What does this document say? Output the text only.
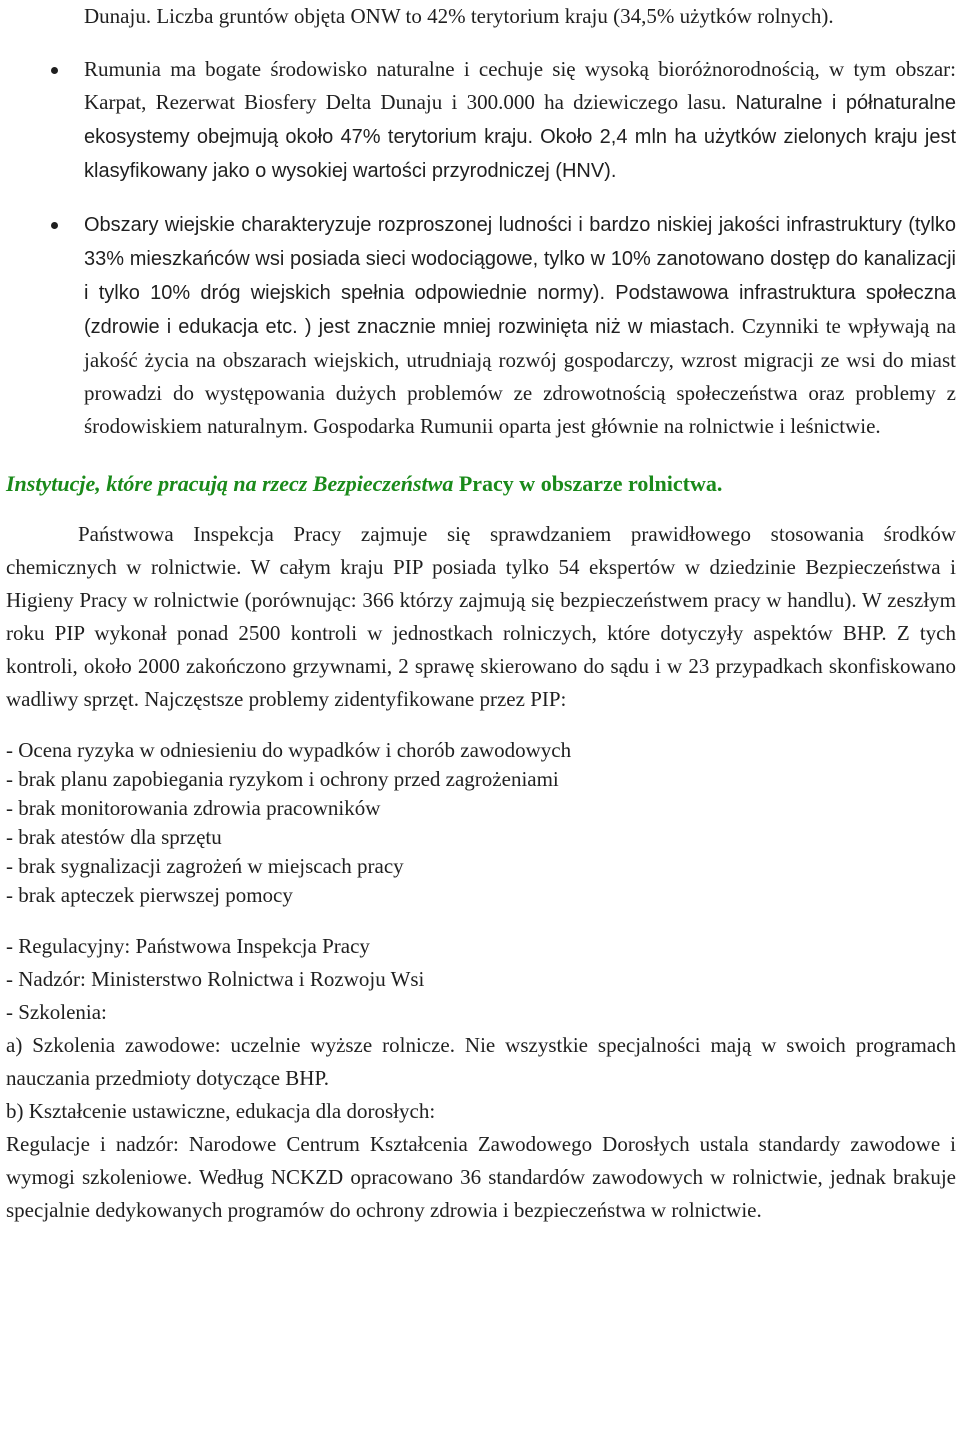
Dunaju. Liczba gruntów objęta ONW to 42% terytorium kraju (34,5% użytków rolnych).

Rumunia ma bogate środowisko naturalne i cechuje się wysoką bioróżnorodnością, w tym obszar: Karpat, Rezerwat Biosfery Delta Dunaju i 300.000 ha dziewiczego lasu. Naturalne i półnaturalne ekosystemy obejmują około 47% terytorium kraju. Około 2,4 mln ha użytków zielonych kraju jest klasyfikowany jako o wysokiej wartości przyrodniczej (HNV).
Obszary wiejskie charakteryzuje rozproszonej ludności i bardzo niskiej jakości infrastruktury (tylko 33% mieszkańców wsi posiada sieci wodociągowe, tylko w 10% zanotowano dostęp do kanalizacji i tylko 10% dróg wiejskich spełnia odpowiednie normy). Podstawowa infrastruktura społeczna (zdrowie i edukacja etc. ) jest znacznie mniej rozwinięta niż w miastach. Czynniki te wpływają na jakość życia na obszarach wiejskich, utrudniają rozwój gospodarczy, wzrost migracji ze wsi do miast prowadzi do występowania dużych problemów ze zdrowotnością społeczeństwa oraz problemy z środowiskiem naturalnym. Gospodarka Rumunii oparta jest głównie na rolnictwie i leśnictwie.
Instytucje, które pracują na rzecz Bezpieczeństwa Pracy w obszarze rolnictwa.

Państwowa Inspekcja Pracy zajmuje się sprawdzaniem prawidłowego stosowania środków chemicznych w rolnictwie. W całym kraju PIP posiada tylko 54 ekspertów w dziedzinie Bezpieczeństwa i Higieny Pracy w rolnictwie (porównując: 366 którzy zajmują się bezpieczeństwem pracy w handlu). W zeszłym roku PIP wykonał ponad 2500 kontroli w jednostkach rolniczych, które dotyczyły aspektów BHP. Z tych kontroli, około 2000 zakończono grzywnami, 2 sprawę skierowano do sądu i w 23 przypadkach skonfiskowano wadliwy sprzęt. Najczęstsze problemy zidentyfikowane przez PIP:

- Ocena ryzyka w odniesieniu do wypadków i chorób zawodowych
- brak planu zapobiegania ryzykom i ochrony przed zagrożeniami
- brak monitorowania zdrowia pracowników
- brak atestów dla sprzętu
- brak sygnalizacji zagrożeń w miejscach pracy
- brak apteczek pierwszej pomocy
- Regulacyjny: Państwowa Inspekcja Pracy
- Nadzór: Ministerstwo Rolnictwa i Rozwoju Wsi
- Szkolenia:
a) Szkolenia zawodowe: uczelnie wyższe rolnicze. Nie wszystkie specjalności mają w swoich programach nauczania przedmioty dotyczące BHP.
b) Kształcenie ustawiczne, edukacja dla dorosłych:
Regulacje i nadzór: Narodowe Centrum Kształcenia Zawodowego Dorosłych ustala standardy zawodowe i wymogi szkoleniowe. Według NCKZD opracowano 36 standardów zawodowych w rolnictwie, jednak brakuje specjalnie dedykowanych programów do ochrony zdrowia i bezpieczeństwa w rolnictwie.
